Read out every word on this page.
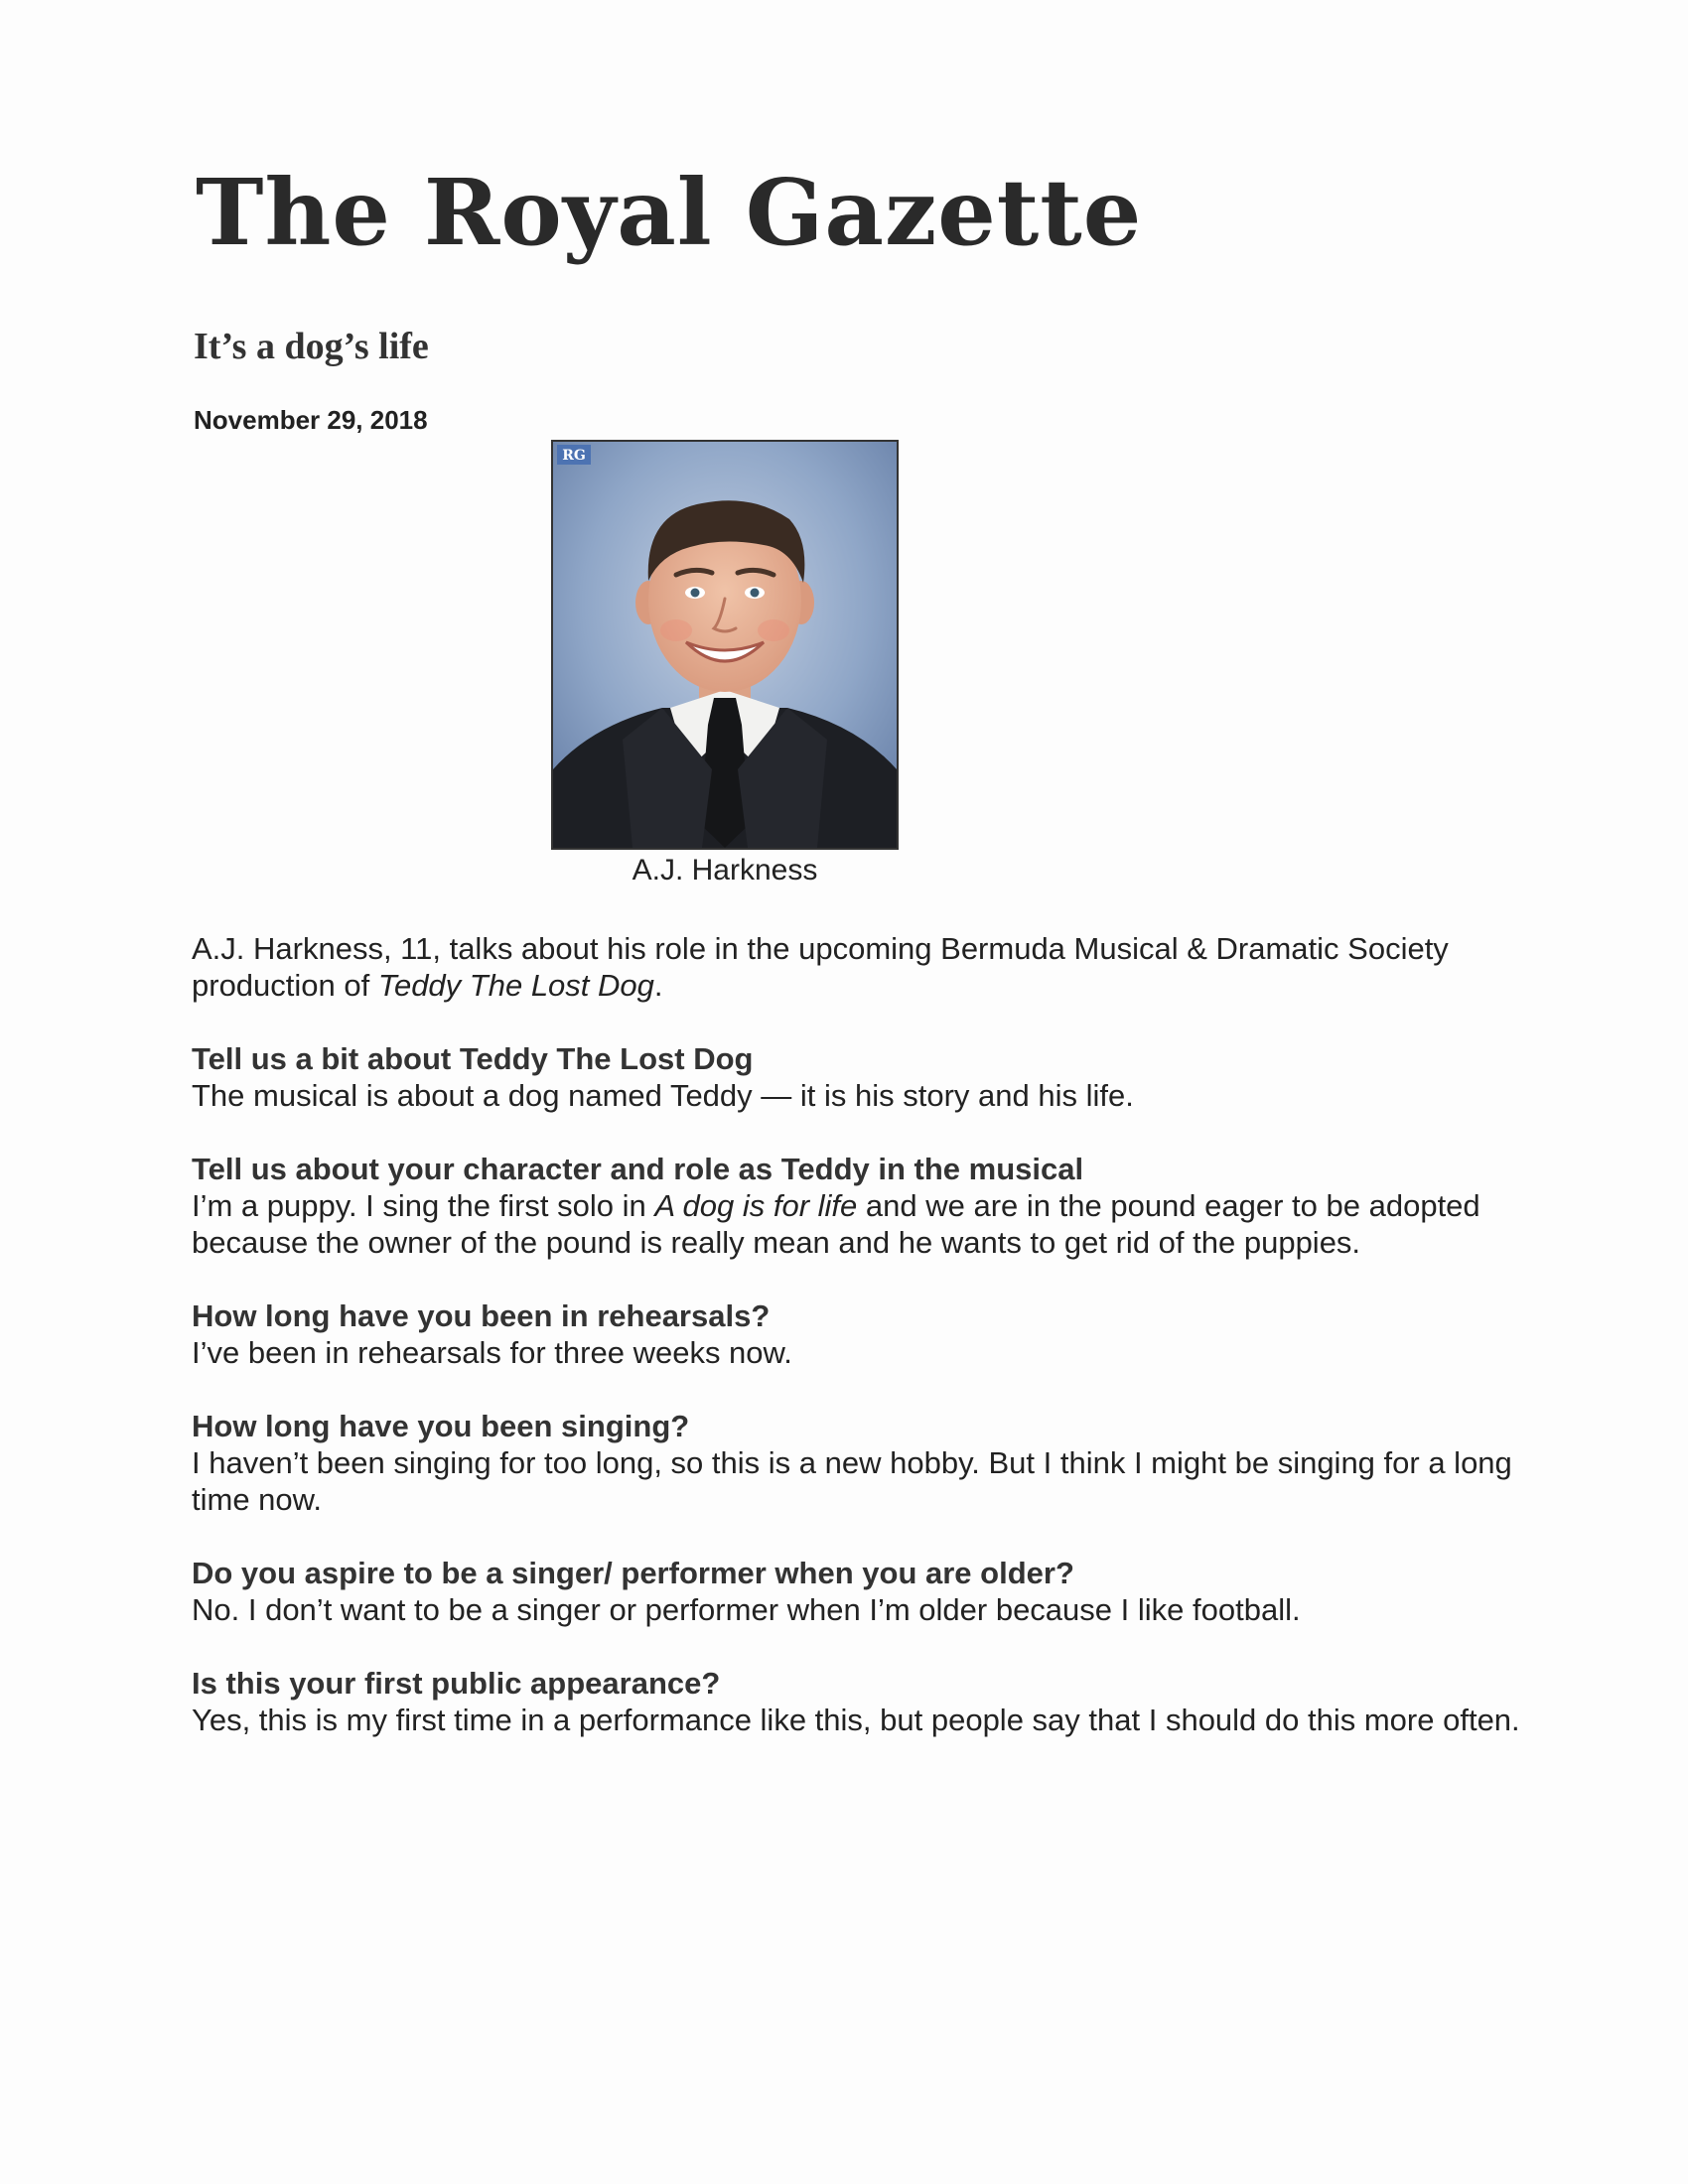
The Royal Gazette
It’s a dog’s life
November 29, 2018
RG
A.J. Harkness

A.J. Harkness, 11, talks about his role in the upcoming Bermuda Musical & Dramatic Society production of Teddy The Lost Dog.

Tell us a bit about Teddy The Lost Dog
The musical is about a dog named Teddy — it is his story and his life.

Tell us about your character and role as Teddy in the musical
I’m a puppy. I sing the first solo in A dog is for life and we are in the pound eager to be adopted because the owner of the pound is really mean and he wants to get rid of the puppies.

How long have you been in rehearsals?
I’ve been in rehearsals for three weeks now.

How long have you been singing?
I haven’t been singing for too long, so this is a new hobby. But I think I might be singing for a long time now.

Do you aspire to be a singer/ performer when you are older?
No. I don’t want to be a singer or performer when I’m older because I like football.

Is this your first public appearance?
Yes, this is my first time in a performance like this, but people say that I should do this more often.
